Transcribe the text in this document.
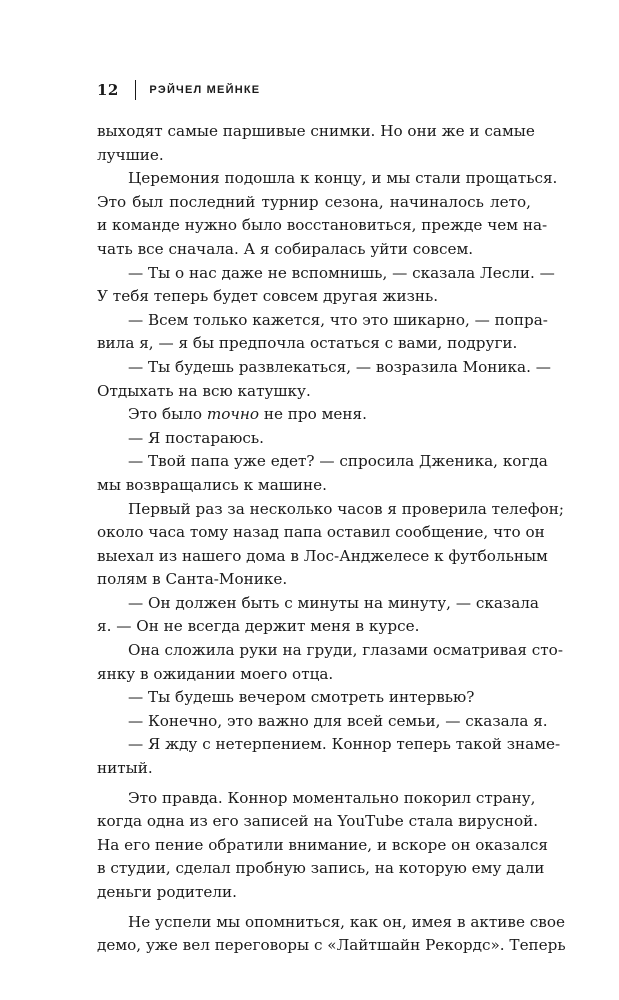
12	РЭЙЧЕЛ МЕЙНКЕ
выходят самые паршивые снимки. Но они же и самые
лучшие.
Церемония подошла к концу, и мы стали прощаться.
Это был последний турнир сезона, начиналось лето,
и команде нужно было восстановиться, прежде чем на-
чать все сначала. А я собиралась уйти совсем.
— Ты о нас даже не вспомнишь, — сказала Лесли. —
У тебя теперь будет совсем другая жизнь.
— Всем только кажется, что это шикарно, — попра-
вила я, — я бы предпочла остаться с вами, подруги.
— Ты будешь развлекаться, — возразила Моника. —
Отдыхать на всю катушку.
Это было точно не про меня.
— Я постараюсь.
— Твой папа уже едет? — спросила Дженика, когда
мы возвращались к машине.
Первый раз за несколько часов я проверила телефон;
около часа тому назад папа оставил сообщение, что он
выехал из нашего дома в Лос-Анджелесе к футбольным
полям в Санта-Монике.
— Он должен быть с минуты на минуту, — сказала
я. — Он не всегда держит меня в курсе.
Она сложила руки на груди, глазами осматривая сто-
янку в ожидании моего отца.
— Ты будешь вечером смотреть интервью?
— Конечно, это важно для всей семьи, — сказала я.
— Я жду с нетерпением. Коннор теперь такой знаме-
нитый.
Это правда. Коннор моментально покорил страну,
когда одна из его записей на YouTube стала вирусной.
На его пение обратили внимание, и вскоре он оказался
в студии, сделал пробную запись, на которую ему дали
деньги родители.
Не успели мы опомниться, как он, имея в активе свое
демо, уже вел переговоры с «Лайтшайн Рекордс». Теперь
